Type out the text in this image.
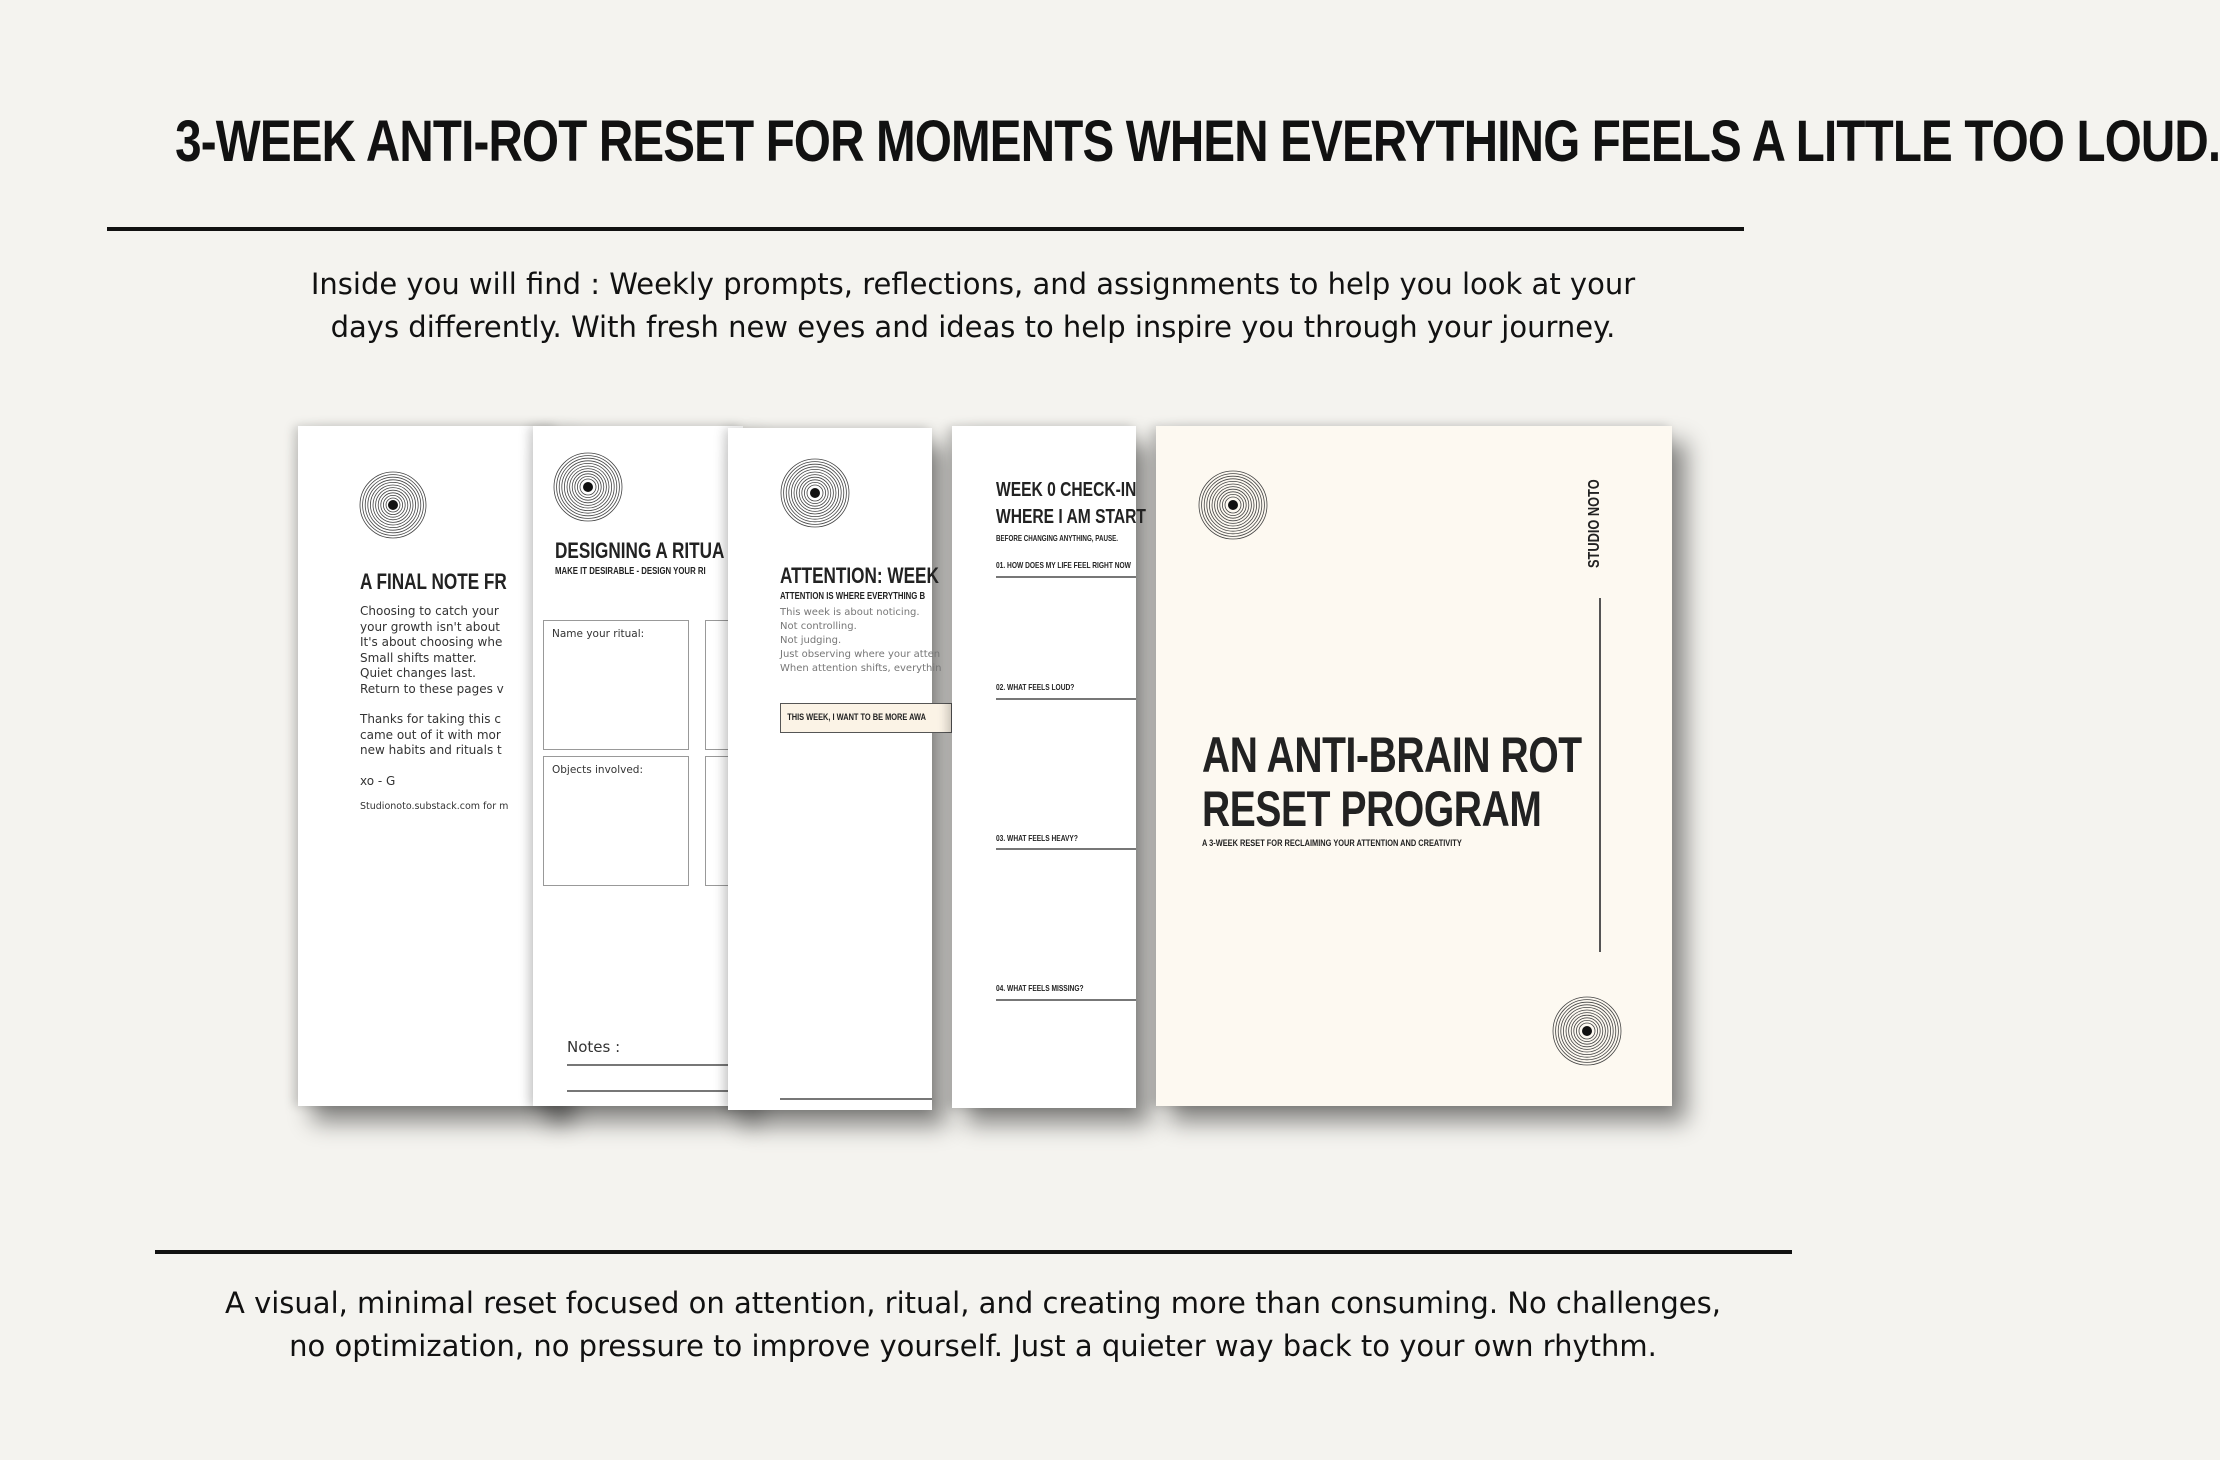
3-WEEK ANTI-ROT RESET FOR MOMENTS WHEN EVERYTHING FEELS A LITTLE TOO LOUD.
Inside you will find : Weekly prompts, reflections, and assignments to help you look at your
days differently. With fresh new eyes and ideas to help inspire you through your journey.
A FINAL NOTE FR
Choosing to catch your
your growth isn't about
It's about choosing whe
Small shifts matter.
Quiet changes last.
Return to these pages v
Thanks for taking this c
came out of it with mor
new habits and rituals t
xo - G
Studionoto.substack.com for m
DESIGNING A RITUA
MAKE IT DESIRABLE - DESIGN YOUR RI
Name your ritual:
Objects involved:
Notes :
ATTENTION: WEEK
ATTENTION IS WHERE EVERYTHING B
This week is about noticing.
Not controlling.
Not judging.
Just observing where your atten
When attention shifts, everythin
THIS WEEK, I WANT TO BE MORE AWA
WEEK 0 CHECK-IN
WHERE I AM START
BEFORE CHANGING ANYTHING, PAUSE.
01. HOW DOES MY LIFE FEEL RIGHT NOW
02. WHAT FEELS LOUD?
03. WHAT FEELS HEAVY?
04. WHAT FEELS MISSING?
STUDIO NOTO
AN ANTI-BRAIN ROT
RESET PROGRAM
A 3-WEEK RESET FOR RECLAIMING YOUR ATTENTION AND CREATIVITY
A visual, minimal reset focused on attention, ritual, and creating more than consuming. No challenges,
no optimization, no pressure to improve yourself. Just a quieter way back to your own rhythm.
